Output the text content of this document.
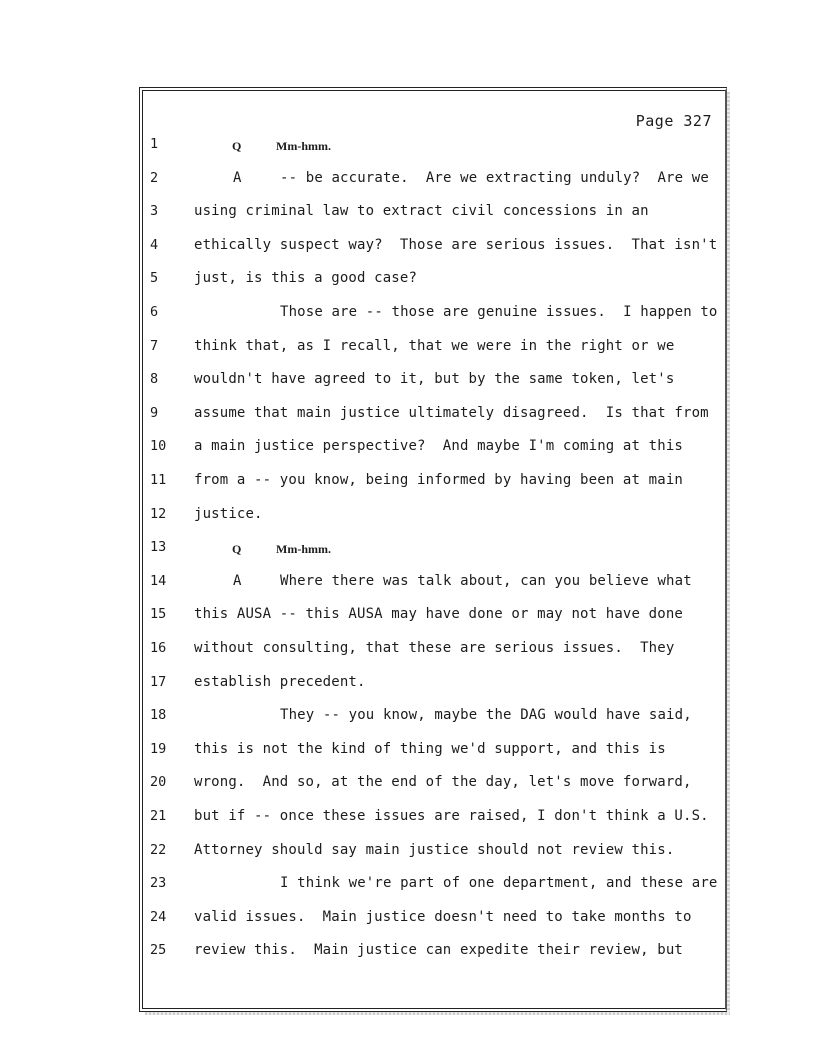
Page 327
1	Q	Mm-hmm.
2	A	-- be accurate.  Are we extracting unduly?  Are we
3	using criminal law to extract civil concessions in an
4	ethically suspect way?  Those are serious issues.  That isn't
5	just, is this a good case?
6	Those are -- those are genuine issues.  I happen to
7	think that, as I recall, that we were in the right or we
8	wouldn't have agreed to it, but by the same token, let's
9	assume that main justice ultimately disagreed.  Is that from
10	a main justice perspective?  And maybe I'm coming at this
11	from a -- you know, being informed by having been at main
12	justice.
13	Q	Mm-hmm.
14	A	Where there was talk about, can you believe what
15	this AUSA -- this AUSA may have done or may not have done
16	without consulting, that these are serious issues.  They
17	establish precedent.
18	They -- you know, maybe the DAG would have said,
19	this is not the kind of thing we'd support, and this is
20	wrong.  And so, at the end of the day, let's move forward,
21	but if -- once these issues are raised, I don't think a U.S.
22	Attorney should say main justice should not review this.
23	I think we're part of one department, and these are
24	valid issues.  Main justice doesn't need to take months to
25	review this.  Main justice can expedite their review, but
